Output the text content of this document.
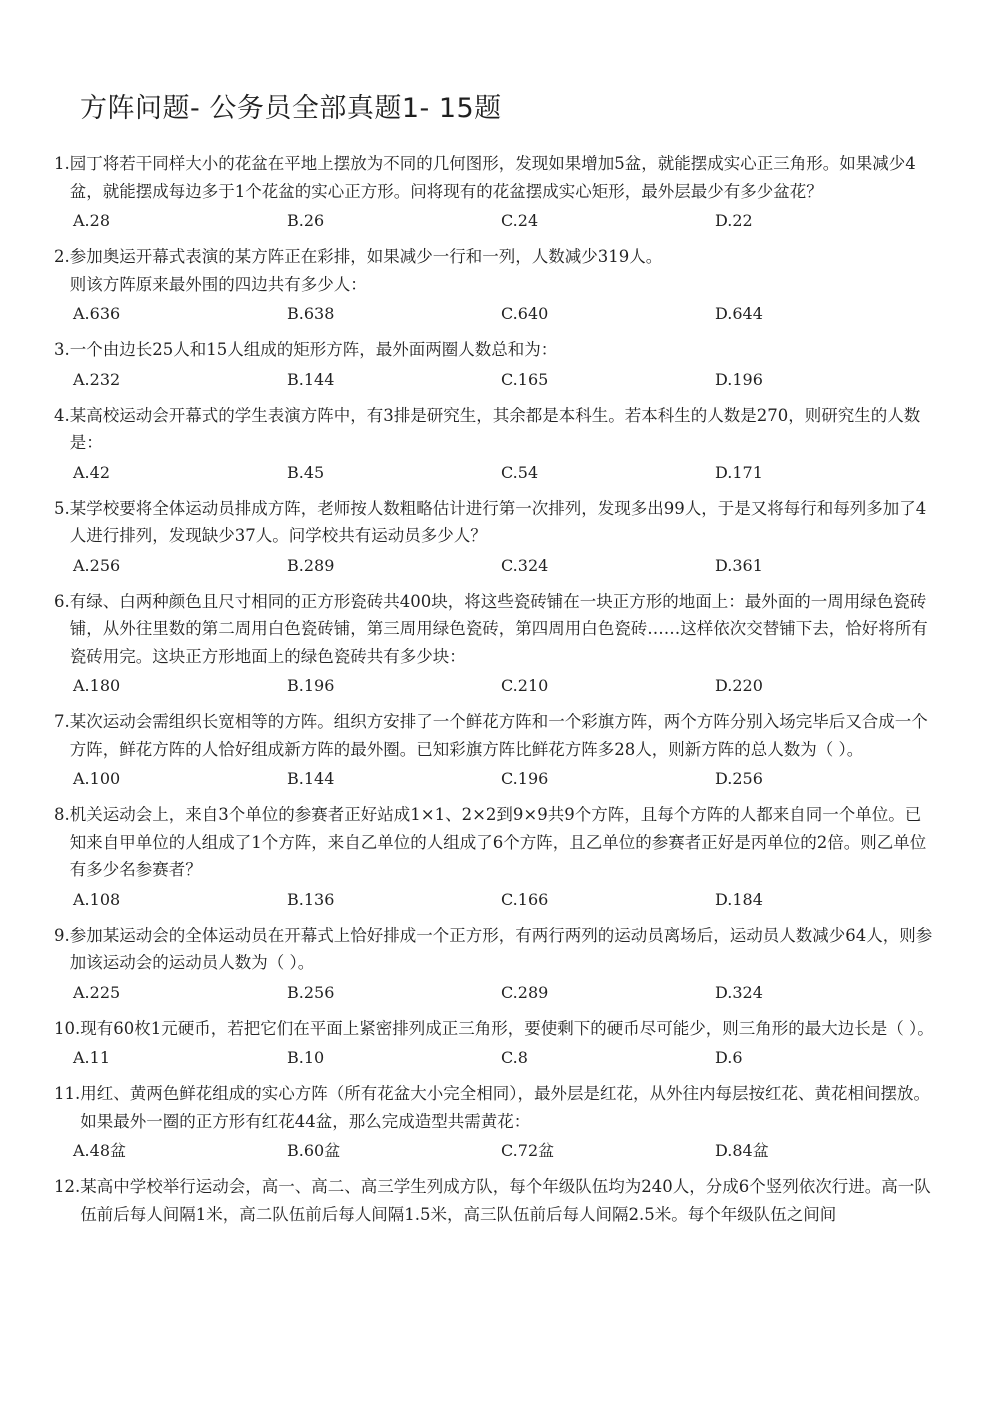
方阵问题- 公务员全部真题1- 15题
1. 园丁将若干同样大小的花盆在平地上摆放为不同的几何图形，发现如果增加5盆，就能摆成实心正三角形。如果减少4盆，就能摆成每边多于1个花盆的实心正方形。问将现有的花盆摆成实心矩形，最外层最少有多少盆花？
A.28	B.26	C.24	D.22
2. 参加奥运开幕式表演的某方阵正在彩排，如果减少一行和一列，人数减少319人。
则该方阵原来最外围的四边共有多少人：
A.636	B.638	C.640	D.644
3. 一个由边长25人和15人组成的矩形方阵，最外面两圈人数总和为：
A.232	B.144	C.165	D.196
4. 某高校运动会开幕式的学生表演方阵中，有3排是研究生，其余都是本科生。若本科生的人数是270，则研究生的人数是：
A.42	B.45	C.54	D.171
5. 某学校要将全体运动员排成方阵，老师按人数粗略估计进行第一次排列，发现多出99人，于是又将每行和每列多加了4人进行排列，发现缺少37人。问学校共有运动员多少人？
A.256	B.289	C.324	D.361
6. 有绿、白两种颜色且尺寸相同的正方形瓷砖共400块，将这些瓷砖铺在一块正方形的地面上：最外面的一周用绿色瓷砖铺，从外往里数的第二周用白色瓷砖铺，第三周用绿色瓷砖，第四周用白色瓷砖……这样依次交替铺下去，恰好将所有瓷砖用完。这块正方形地面上的绿色瓷砖共有多少块：
A.180	B.196	C.210	D.220
7. 某次运动会需组织长宽相等的方阵。组织方安排了一个鲜花方阵和一个彩旗方阵，两个方阵分别入场完毕后又合成一个方阵，鲜花方阵的人恰好组成新方阵的最外圈。已知彩旗方阵比鲜花方阵多28人，则新方阵的总人数为（ ）。
A.100	B.144	C.196	D.256
8. 机关运动会上，来自3个单位的参赛者正好站成1×1、2×2到9×9共9个方阵，且每个方阵的人都来自同一个单位。已知来自甲单位的人组成了1个方阵，来自乙单位的人组成了6个方阵，且乙单位的参赛者正好是丙单位的2倍。则乙单位有多少名参赛者？
A.108	B.136	C.166	D.184
9. 参加某运动会的全体运动员在开幕式上恰好排成一个正方形，有两行两列的运动员离场后，运动员人数减少64人，则参加该运动会的运动员人数为（ ）。
A.225	B.256	C.289	D.324
10. 现有60枚1元硬币，若把它们在平面上紧密排列成正三角形，要使剩下的硬币尽可能少，则三角形的最大边长是（ ）。
A.11	B.10	C.8	D.6
11. 用红、黄两色鲜花组成的实心方阵（所有花盆大小完全相同），最外层是红花，从外往内每层按红花、黄花相间摆放。如果最外一圈的正方形有红花44盆，那么完成造型共需黄花：
A.48盆	B.60盆	C.72盆	D.84盆
12. 某高中学校举行运动会，高一、高二、高三学生列成方队，每个年级队伍均为240人，分成6个竖列依次行进。高一队伍前后每人间隔1米，高二队伍前后每人间隔1.5米，高三队伍前后每人间隔2.5米。每个年级队伍之间间
